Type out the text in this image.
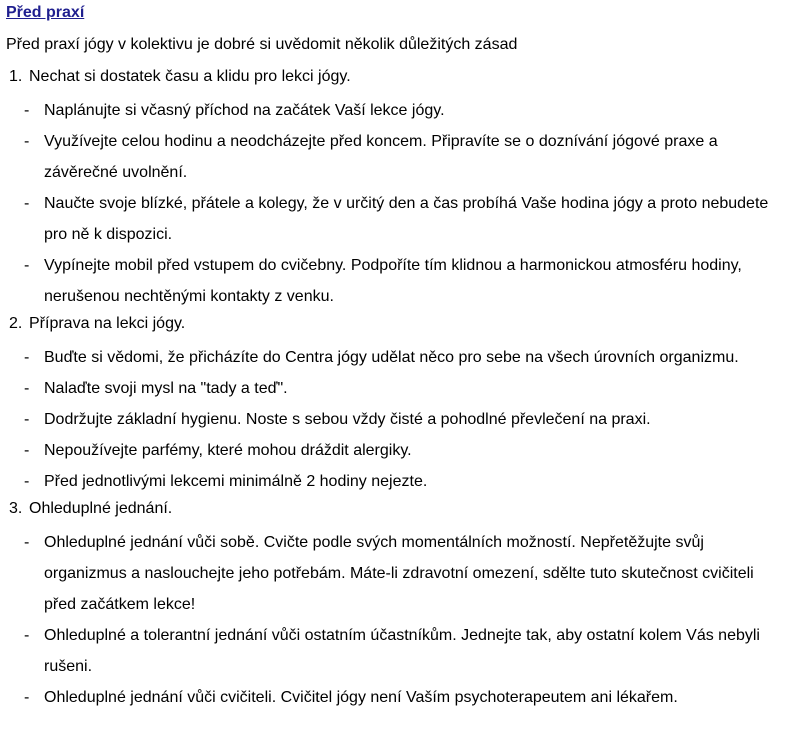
Před praxí
Před praxí jógy v kolektivu je dobré si uvědomit několik důležitých zásad
1. Nechat si dostatek času a klidu pro lekci jógy.
- Naplánujte si včasný příchod na začátek Vaší lekce jógy.
- Využívejte celou hodinu a neodcházejte před koncem. Připravíte se o doznívání jógové praxe a závěrečné uvolnění.
- Naučte svoje blízké, přátele a kolegy, že v určitý den a čas probíhá Vaše hodina jógy a proto nebudete pro ně k dispozici.
- Vypínejte mobil před vstupem do cvičebny. Podpoříte tím klidnou a harmonickou atmosféru hodiny, nerušenou nechtěnými kontakty z venku.
2. Příprava na lekci jógy.
- Buďte si vědomi, že přicházíte do Centra jógy udělat něco pro sebe na všech úrovních organizmu.
- Nalaďte svoji mysl na "tady a teď".
- Dodržujte základní hygienu. Noste s sebou vždy čisté a pohodlné převlečení na praxi.
- Nepoužívejte parfémy, které mohou dráždit alergiky.
- Před jednotlivými lekcemi minimálně 2 hodiny nejezte.
3. Ohleduplné jednání.
- Ohleduplné jednání vůči sobě. Cvičte podle svých momentálních možností. Nepřetěžujte svůj organizmus a naslouchejte jeho potřebám. Máte-li zdravotní omezení, sdělte tuto skutečnost cvičiteli před začátkem lekce!
- Ohleduplné a tolerantní jednání vůči ostatním účastníkům. Jednejte tak, aby ostatní kolem Vás nebyli rušeni.
- Ohleduplné jednání vůči cvičiteli. Cvičitel jógy není Vaším psychoterapeutem ani lékařem.
